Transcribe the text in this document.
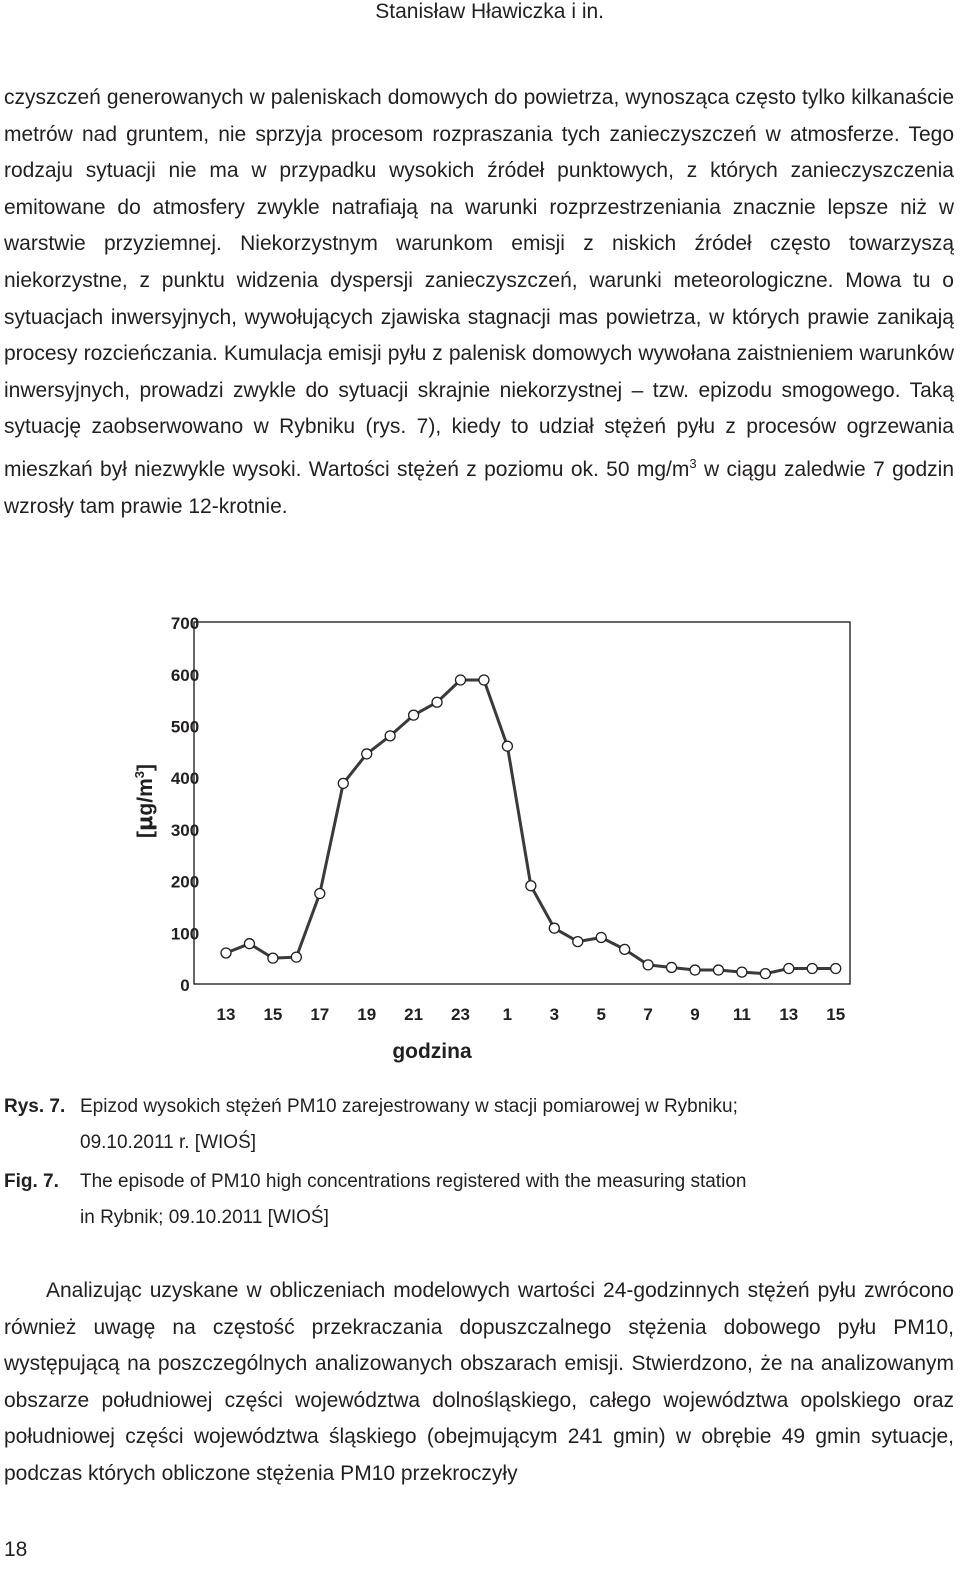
Stanisław Hławiczka i in.

czyszczeń generowanych w paleniskach domowych do powietrza, wynosząca często tylko kilkanaście metrów nad gruntem, nie sprzyja procesom rozpraszania tych zanieczyszczeń w atmosferze. Tego rodzaju sytuacji nie ma w przypadku wysokich źródeł punktowych, z których zanieczyszczenia emitowane do atmosfery zwykle natrafiają na warunki rozprzestrzeniania znacznie lepsze niż w warstwie przyziemnej. Niekorzystnym warunkom emisji z niskich źródeł często towarzyszą niekorzystne, z punktu widzenia dyspersji zanieczyszczeń, warunki meteorologiczne. Mowa tu o sytuacjach inwersyjnych, wywołujących zjawiska stagnacji mas powietrza, w których prawie zanikają procesy rozcieńczania. Kumulacja emisji pyłu z palenisk domowych wywołana zaistnieniem warunków inwersyjnych, prowadzi zwykle do sytuacji skrajnie niekorzystnej – tzw. epizodu smogowego. Taką sytuację zaobserwowano w Rybniku (rys. 7), kiedy to udział stężeń pyłu z procesów ogrzewania mieszkań był niezwykle wysoki. Wartości stężeń z poziomu ok. 50 $mg/m^3$ w ciągu zaledwie 7 godzin wzrosły tam prawie 12-krotnie.

0
100
200
300
400
500
600
700
13 15 17 19 21 23 1 3 5 7 9 11 13 15
$[\mu g/m^3]$
godzina
Rys. 7. Epizod wysokich stężeń PM10 zarejestrowany w stacji pomiarowej w Rybniku;
09.10.2011 r. [WIOŚ]
Fig. 7. The episode of PM10 high concentrations registered with the measuring station
in Rybnik; 09.10.2011 [WIOŚ]

Analizując uzyskane w obliczeniach modelowych wartości 24-godzinnych stężeń pyłu zwrócono również uwagę na częstość przekraczania dopuszczalnego stężenia dobowego pyłu PM10, występującą na poszczególnych analizowanych obszarach emisji. Stwierdzono, że na analizowanym obszarze południowej części województwa dolnośląskiego, całego województwa opolskiego oraz południowej części województwa śląskiego (obejmującym 241 gmin) w obrębie 49 gmin sytuacje, podczas których obliczone stężenia PM10 przekroczyły

18
